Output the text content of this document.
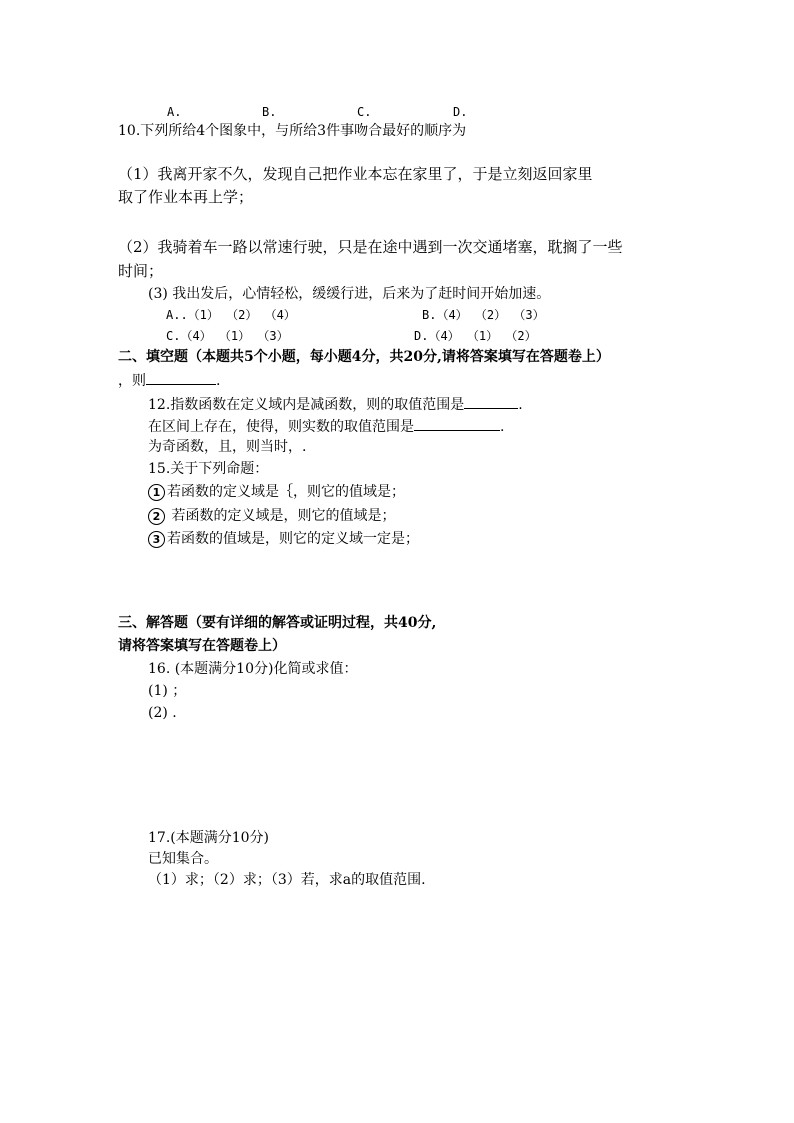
A.	B.	C.	D.
10.下列所给4个图象中，与所给3件事吻合最好的顺序为
（1）我离开家不久，发现自己把作业本忘在家里了，于是立刻返回家里
取了作业本再上学；
（2）我骑着车一路以常速行驶，只是在途中遇到一次交通堵塞，耽搁了一些
时间；
(3) 我出发后，心情轻松，缓缓行进，后来为了赶时间开始加速。
A..（1） （2） （4）	B.（4） （2） （3）
C.（4） （1） （3）	D.（4） （1） （2）
二、填空题（本题共5个小题，每小题4分，共20分,请将答案填写在答题卷上）
，则	.
12.指数函数在定义域内是减函数，则的取值范围是	.
在区间上存在，使得，则实数的取值范围是	.
为奇函数，且，则当时，.
15.关于下列命题：
1 若函数的定义域是｛，则它的值域是；
2 若函数的定义域是，则它的值域是；
3 若函数的值域是，则它的定义域一定是；
三、解答题（要有详细的解答或证明过程，共40分,
请将答案填写在答题卷上）
16. (本题满分10分)化简或求值：
(1) ；
(2) .
17.(本题满分10分)
已知集合。
（1）求；（2）求；（3）若，求a的取值范围.
